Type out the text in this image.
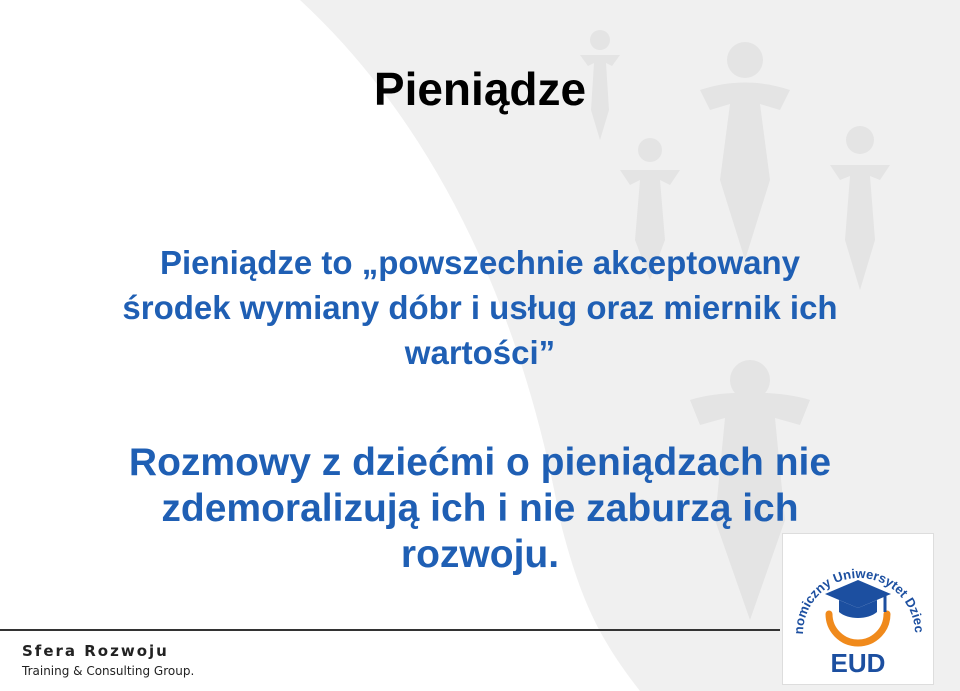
Pieniądze
Pieniądze to „powszechnie akceptowany
środek wymiany dóbr i usług oraz miernik ich
wartości”
Rozmowy z dziećmi o pieniądzach nie
zdemoralizują ich i nie zaburzą ich
rozwoju.
Sfera Rozwoju
Training & Consulting Group.
nomiczny Uniwersytet Dziec
EUD
